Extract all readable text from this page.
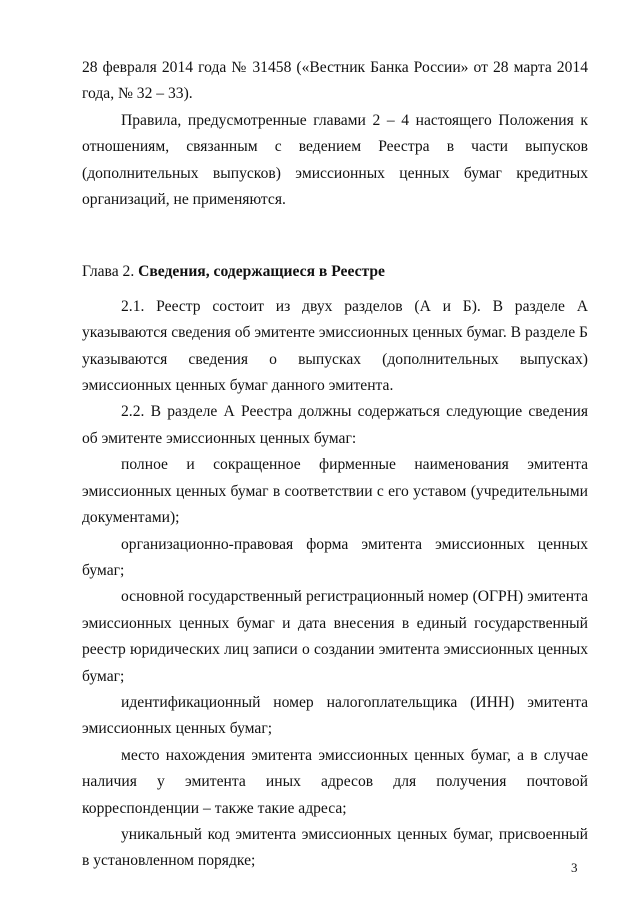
28 февраля 2014 года № 31458 («Вестник Банка России» от 28 марта 2014 года, № 32 – 33).

Правила, предусмотренные главами 2 – 4 настоящего Положения к отношениям, связанным с ведением Реестра в части выпусков (дополнительных выпусков) эмиссионных ценных бумаг кредитных организаций, не применяются.

Глава 2. Сведения, содержащиеся в Реестре

2.1. Реестр состоит из двух разделов (А и Б). В разделе А указываются сведения об эмитенте эмиссионных ценных бумаг. В разделе Б указываются сведения о выпусках (дополнительных выпусках) эмиссионных ценных бумаг данного эмитента.

2.2. В разделе А Реестра должны содержаться следующие сведения об эмитенте эмиссионных ценных бумаг:

полное и сокращенное фирменные наименования эмитента эмиссионных ценных бумаг в соответствии с его уставом (учредительными документами);

организационно-правовая форма эмитента эмиссионных ценных бумаг;

основной государственный регистрационный номер (ОГРН) эмитента эмиссионных ценных бумаг и дата внесения в единый государственный реестр юридических лиц записи о создании эмитента эмиссионных ценных бумаг;

идентификационный номер налогоплательщика (ИНН) эмитента эмиссионных ценных бумаг;

место нахождения эмитента эмиссионных ценных бумаг, а в случае наличия у эмитента иных адресов для получения почтовой корреспонденции – также такие адреса;

уникальный код эмитента эмиссионных ценных бумаг, присвоенный в установленном порядке;	3
